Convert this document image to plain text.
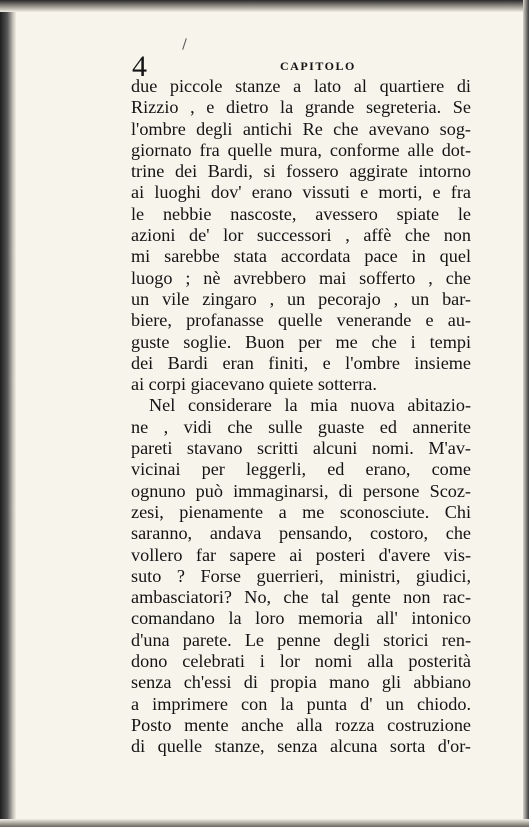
4	CAPITOLO
due piccole stanze a lato al quartiere di
Rizzio , e dietro la grande segreteria. Se
l'ombre degli antichi Re che avevano sog-
giornato fra quelle mura, conforme alle dot-
trine dei Bardi, si fossero aggirate intorno
ai luoghi dov' erano vissuti e morti, e fra
le nebbie nascoste, avessero spiate le
azioni de' lor successori , affè che non
mi sarebbe stata accordata pace in quel
luogo ; nè avrebbero mai sofferto , che
un vile zingaro , un pecorajo , un bar-
biere, profanasse quelle venerande e au-
guste soglie. Buon per me che i tempi
dei Bardi eran finiti, e l'ombre insieme
ai corpi giacevano quiete sotterra.
Nel considerare la mia nuova abitazio-
ne , vidi che sulle guaste ed annerite
pareti stavano scritti alcuni nomi. M'av-
vicinai per leggerli, ed erano, come
ognuno può immaginarsi, di persone Scoz-
zesi, pienamente a me sconosciute. Chi
saranno, andava pensando, costoro, che
vollero far sapere ai posteri d'avere vis-
suto ? Forse guerrieri, ministri, giudici,
ambasciatori? No, che tal gente non rac-
comandano la loro memoria all' intonico
d'una parete. Le penne degli storici ren-
dono celebrati i lor nomi alla posterità
senza ch'essi di propia mano gli abbiano
a imprimere con la punta d' un chiodo.
Posto mente anche alla rozza costruzione
di quelle stanze, senza alcuna sorta d'or-
